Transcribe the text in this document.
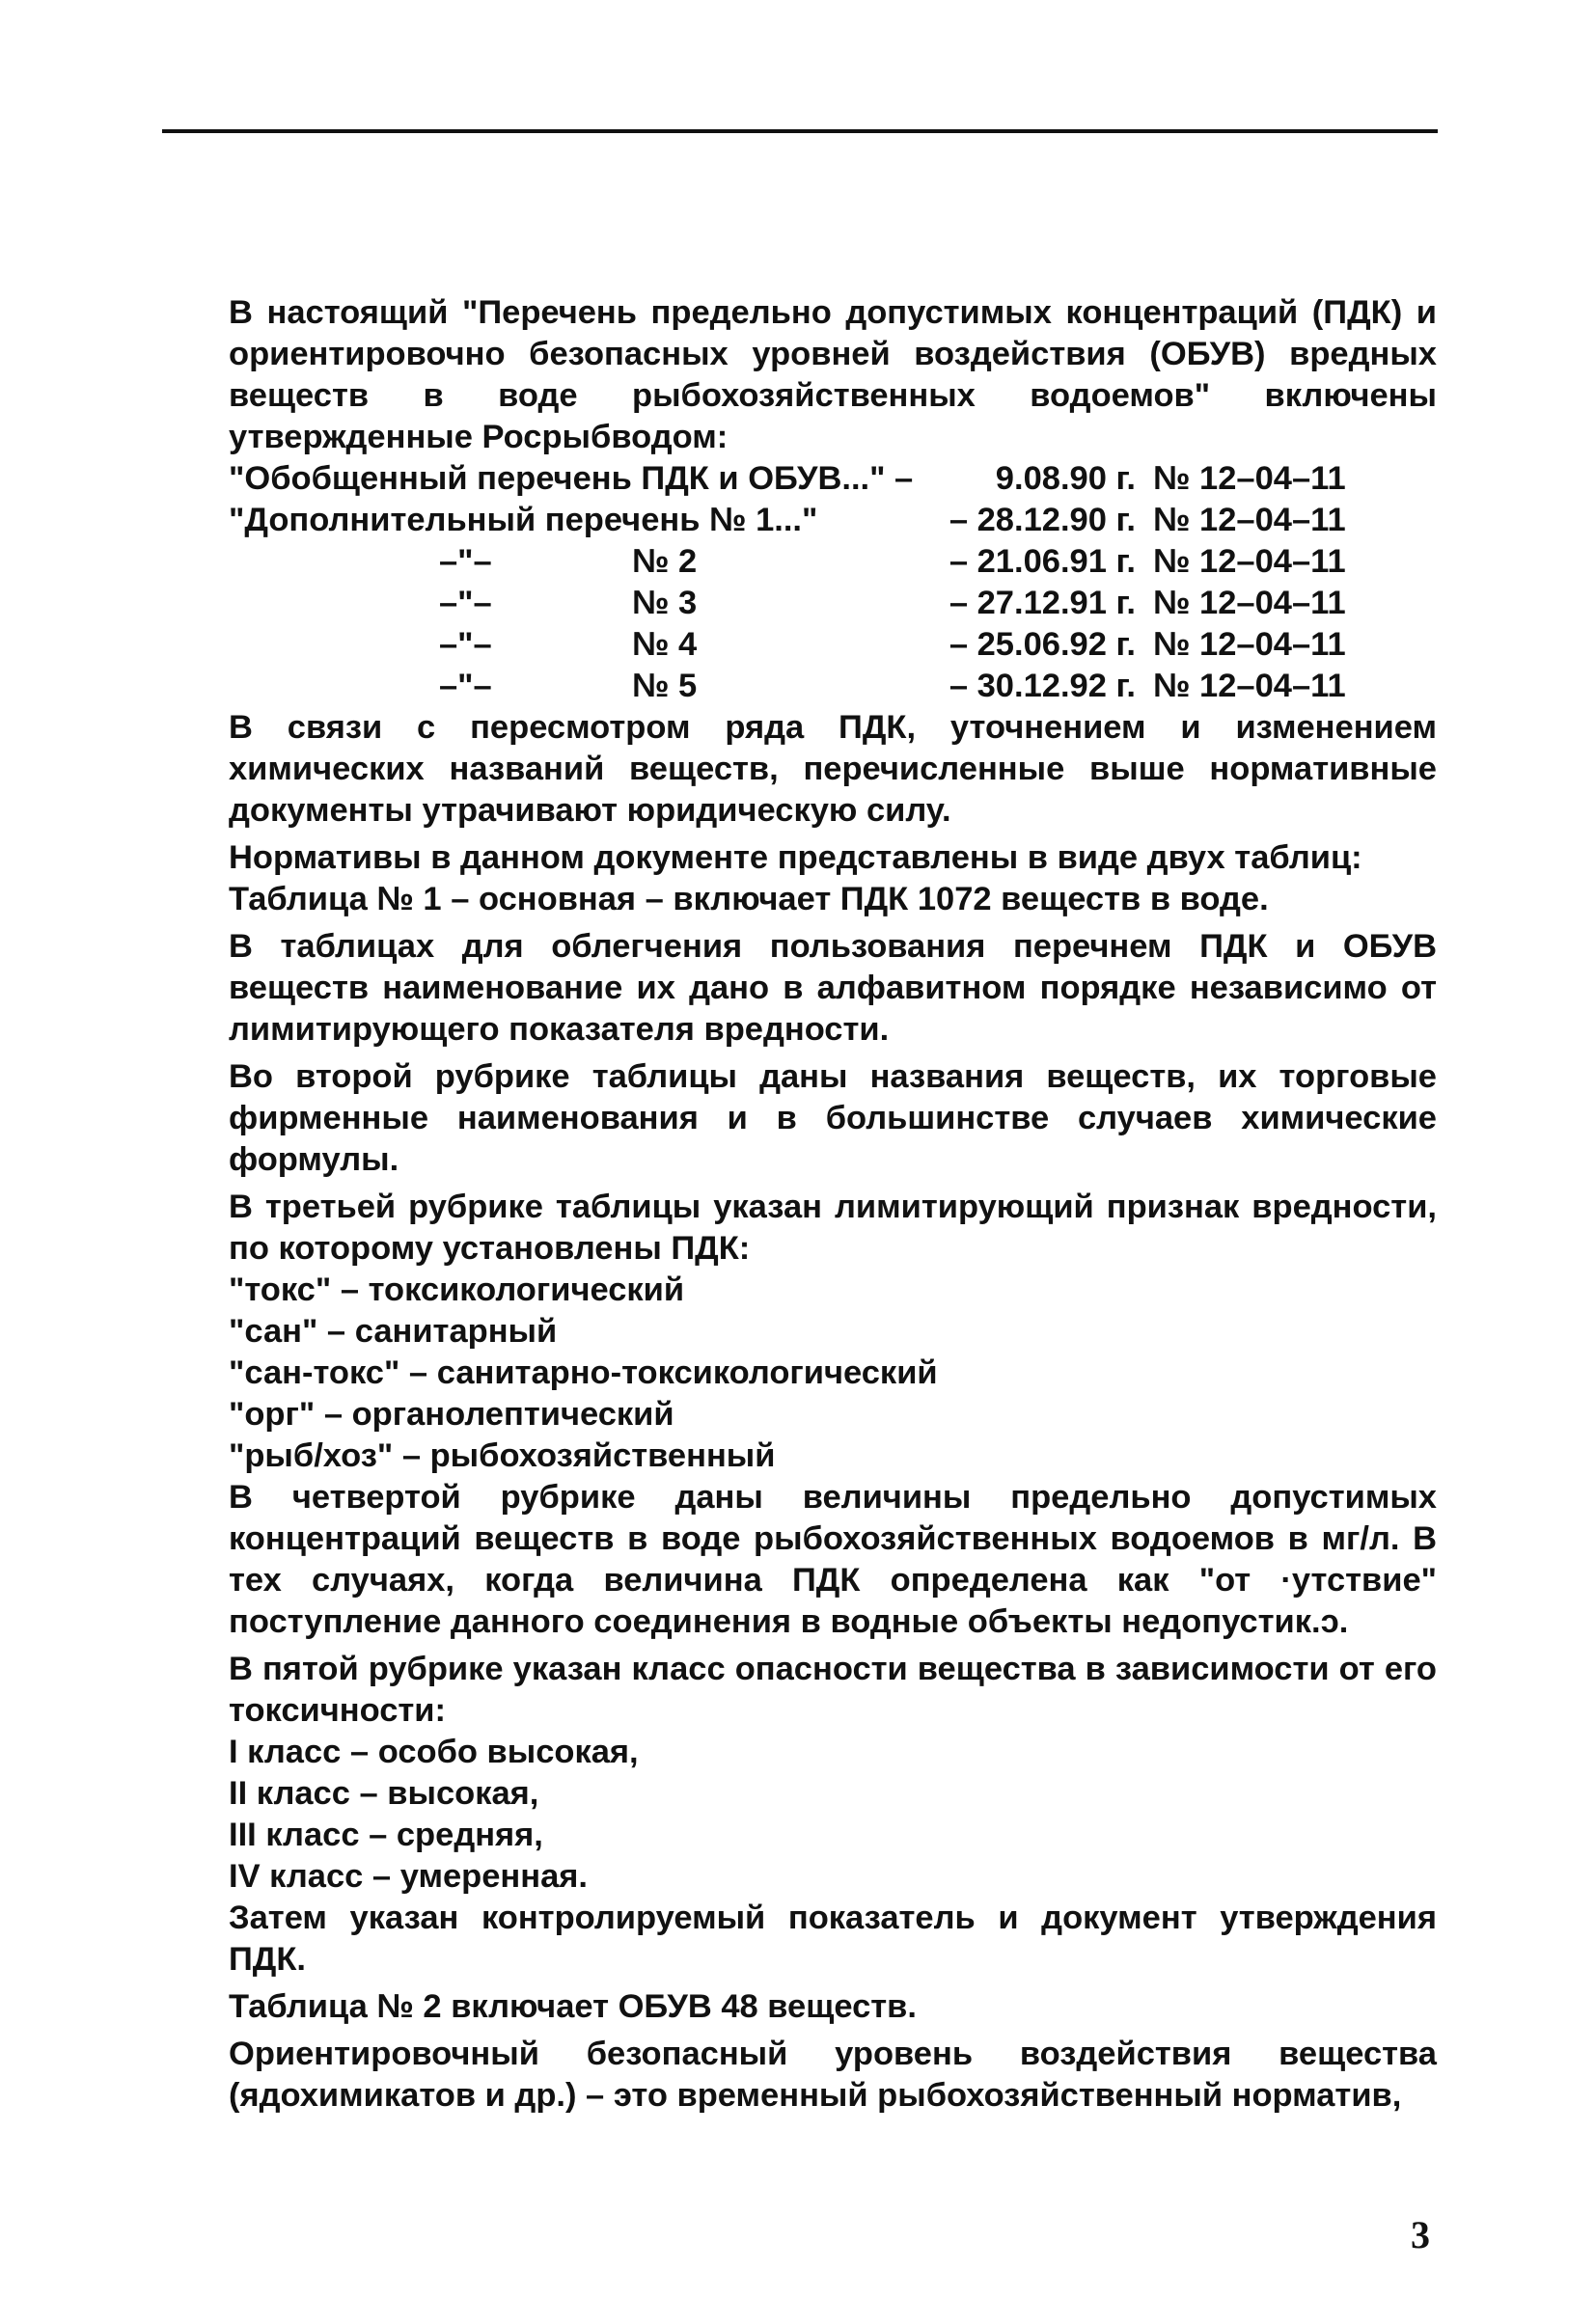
В настоящий "Перечень предельно допустимых концентраций (ПДК) и ориентировочно безопасных уровней воздействия (ОБУВ) вредных веществ в воде рыбохозяйственных водоемов" включены утвержденные Росрыбводом:

"Обобщенный перечень ПДК и ОБУВ..." –	9.08.90 г.	№ 12–04–11
"Дополнительный перечень № 1..."	– 28.12.90 г.	№ 12–04–11
–"– № 2	– 21.06.91 г.	№ 12–04–11
–"– № 3	– 27.12.91 г.	№ 12–04–11
–"– № 4	– 25.06.92 г.	№ 12–04–11
–"– № 5	– 30.12.92 г.	№ 12–04–11

В связи с пересмотром ряда ПДК, уточнением и изменением химических названий веществ, перечисленные выше нормативные документы утрачивают юридическую силу.

Нормативы в данном документе представлены в виде двух таблиц:

Таблица № 1 – основная – включает ПДК 1072 веществ в воде.

В таблицах для облегчения пользования перечнем ПДК и ОБУВ веществ наименование их дано в алфавитном порядке независимо от лимитирующего показателя вредности.

Во второй рубрике таблицы даны названия веществ, их торговые фирменные наименования и в большинстве случаев химические формулы.

В третьей рубрике таблицы указан лимитирующий признак вредности, по которому установлены ПДК:

"токс" – токсикологический

"сан" – санитарный

"сан-токс" – санитарно-токсикологический

"орг" – органолептический

"рыб/хоз" – рыбохозяйственный

В четвертой рубрике даны величины предельно допустимых концентраций веществ в воде рыбохозяйственных водоемов в мг/л. В тех случаях, когда величина ПДК определена как "от ·утствие" поступление данного соединения в водные объекты недопустик.ɔ.

В пятой рубрике указан класс опасности вещества в зависимости от его токсичности:

I класс – особо высокая,

II класс – высокая,

III класс – средняя,

IV класс – умеренная.

Затем указан контролируемый показатель и документ утверждения ПДК.

Таблица № 2 включает ОБУВ 48 веществ.

Ориентировочный безопасный уровень воздействия вещества (ядохимикатов и др.) – это временный рыбохозяйственный норматив,

3
